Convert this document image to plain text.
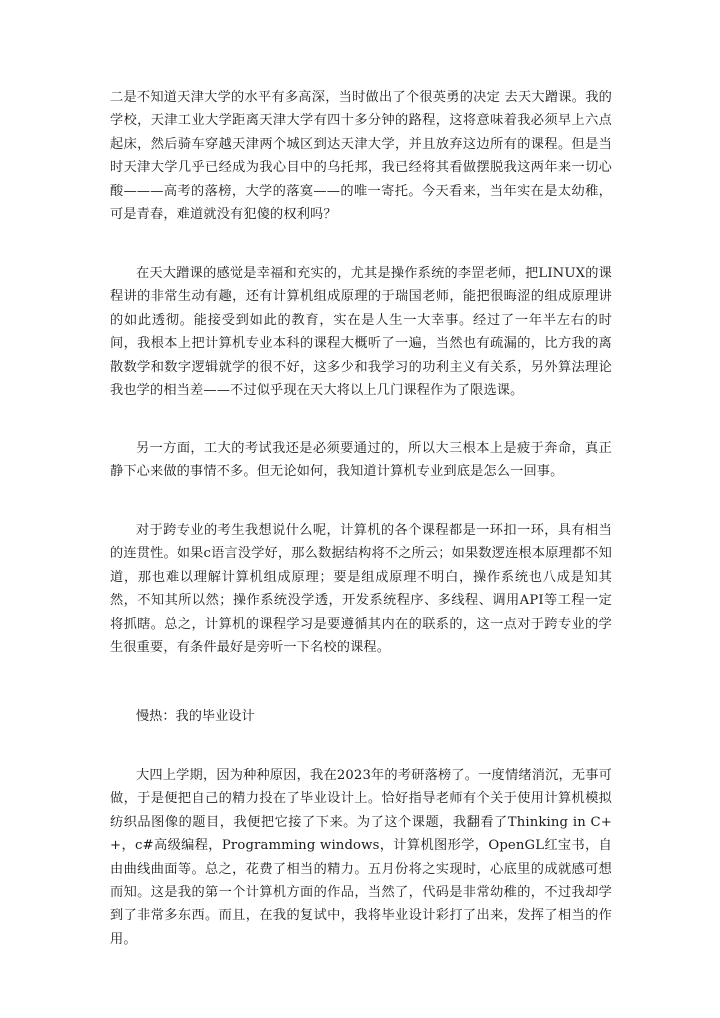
二是不知道天津大学的水平有多高深，当时做出了个很英勇的决定 去天大蹭课。我的学校，天津工业大学距离天津大学有四十多分钟的路程，这将意味着我必须早上六点起床，然后骑车穿越天津两个城区到达天津大学，并且放弃这边所有的课程。但是当时天津大学几乎已经成为我心目中的乌托邦，我已经将其看做摆脱我这两年来一切心酸———高考的落榜，大学的落寞——的唯一寄托。今天看来，当年实在是太幼稚，可是青春，难道就没有犯傻的权利吗？

在天大蹭课的感觉是幸福和充实的，尤其是操作系统的李罡老师，把LINUX的课程讲的非常生动有趣，还有计算机组成原理的于瑞国老师，能把很晦涩的组成原理讲的如此透彻。能接受到如此的教育，实在是人生一大幸事。经过了一年半左右的时间，我根本上把计算机专业本科的课程大概听了一遍，当然也有疏漏的，比方我的离散数学和数字逻辑就学的很不好，这多少和我学习的功利主义有关系，另外算法理论我也学的相当差——不过似乎现在天大将以上几门课程作为了限选课。

另一方面，工大的考试我还是必须要通过的，所以大三根本上是疲于奔命，真正静下心来做的事情不多。但无论如何，我知道计算机专业到底是怎么一回事。

对于跨专业的考生我想说什么呢，计算机的各个课程都是一环扣一环，具有相当的连贯性。如果c语言没学好，那么数据结构将不之所云；如果数逻连根本原理都不知道，那也难以理解计算机组成原理；要是组成原理不明白，操作系统也八成是知其然，不知其所以然；操作系统没学透，开发系统程序、多线程、调用API等工程一定将抓瞎。总之，计算机的课程学习是要遵循其内在的联系的，这一点对于跨专业的学生很重要，有条件最好是旁听一下名校的课程。

慢热：我的毕业设计

大四上学期，因为种种原因，我在2023年的考研落榜了。一度情绪消沉，无事可做，于是便把自己的精力投在了毕业设计上。恰好指导老师有个关于使用计算机模拟纺织品图像的题目，我便把它接了下来。为了这个课题，我翻看了Thinking in C++，c#高级编程，Programming windows，计算机图形学，OpenGL红宝书，自由曲线曲面等。总之，花费了相当的精力。五月份将之实现时，心底里的成就感可想而知。这是我的第一个计算机方面的作品，当然了，代码是非常幼稚的，不过我却学到了非常多东西。而且，在我的复试中，我将毕业设计彩打了出来，发挥了相当的作用。
